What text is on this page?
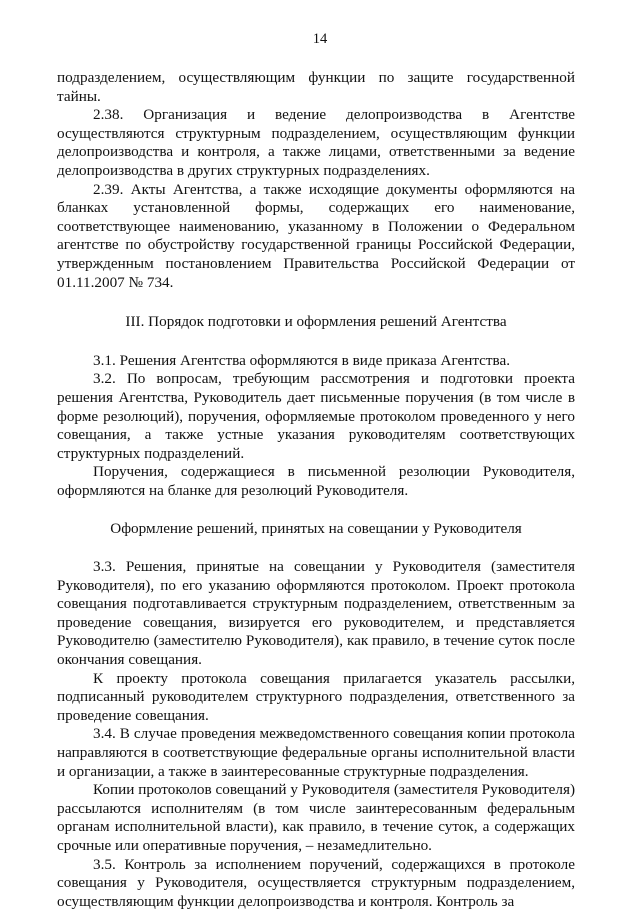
14

подразделением, осуществляющим функции по защите государственной тайны.

2.38. Организация и ведение делопроизводства в Агентстве осуществляются структурным подразделением, осуществляющим функции делопроизводства и контроля, а также лицами, ответственными за ведение делопроизводства в других структурных подразделениях.

2.39. Акты Агентства, а также исходящие документы оформляются на бланках установленной формы, содержащих его наименование, соответствующее наименованию, указанному в Положении о Федеральном агентстве по обустройству государственной границы Российской Федерации, утвержденным постановлением Правительства Российской Федерации от 01.11.2007 № 734.

III. Порядок подготовки и оформления решений Агентства

3.1. Решения Агентства оформляются в виде приказа Агентства.

3.2. По вопросам, требующим рассмотрения и подготовки проекта решения Агентства, Руководитель дает письменные поручения (в том числе в форме резолюций), поручения, оформляемые протоколом проведенного у него совещания, а также устные указания руководителям соответствующих структурных подразделений.

Поручения, содержащиеся в письменной резолюции Руководителя, оформляются на бланке для резолюций Руководителя.

Оформление решений, принятых на совещании у Руководителя

3.3. Решения, принятые на совещании у Руководителя (заместителя Руководителя), по его указанию оформляются протоколом. Проект протокола совещания подготавливается структурным подразделением, ответственным за проведение совещания, визируется его руководителем, и представляется Руководителю (заместителю Руководителя), как правило, в течение суток после окончания совещания.

К проекту протокола совещания прилагается указатель рассылки, подписанный руководителем структурного подразделения, ответственного за проведение совещания.

3.4. В случае проведения межведомственного совещания копии протокола направляются в соответствующие федеральные органы исполнительной власти и организации, а также в заинтересованные структурные подразделения.

Копии протоколов совещаний у Руководителя (заместителя Руководителя) рассылаются исполнителям (в том числе заинтересованным федеральным органам исполнительной власти), как правило, в течение суток, а содержащих срочные или оперативные поручения, – незамедлительно.

3.5. Контроль за исполнением поручений, содержащихся в протоколе совещания у Руководителя, осуществляется структурным подразделением, осуществляющим функции делопроизводства и контроля. Контроль за
